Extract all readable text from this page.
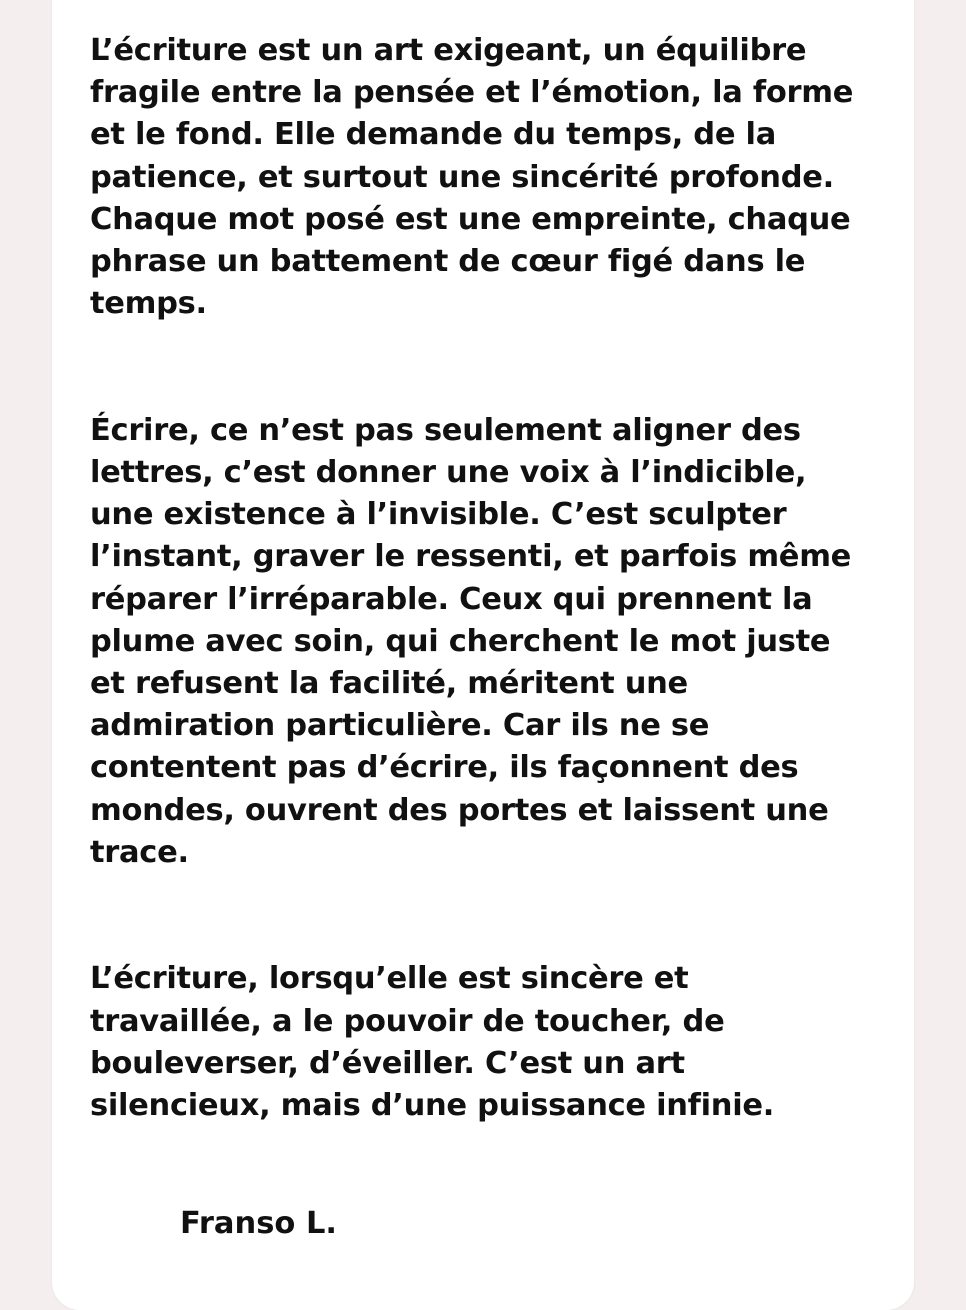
L’écriture est un art exigeant, un équilibre
fragile entre la pensée et l’émotion, la forme
et le fond. Elle demande du temps, de la
patience, et surtout une sincérité profonde.
Chaque mot posé est une empreinte, chaque
phrase un battement de cœur figé dans le
temps.

Écrire, ce n’est pas seulement aligner des
lettres, c’est donner une voix à l’indicible,
une existence à l’invisible. C’est sculpter
l’instant, graver le ressenti, et parfois même
réparer l’irréparable. Ceux qui prennent la
plume avec soin, qui cherchent le mot juste
et refusent la facilité, méritent une
admiration particulière. Car ils ne se
contentent pas d’écrire, ils façonnent des
mondes, ouvrent des portes et laissent une
trace.

L’écriture, lorsqu’elle est sincère et
travaillée, a le pouvoir de toucher, de
bouleverser, d’éveiller. C’est un art
silencieux, mais d’une puissance infinie.

Franso L.
